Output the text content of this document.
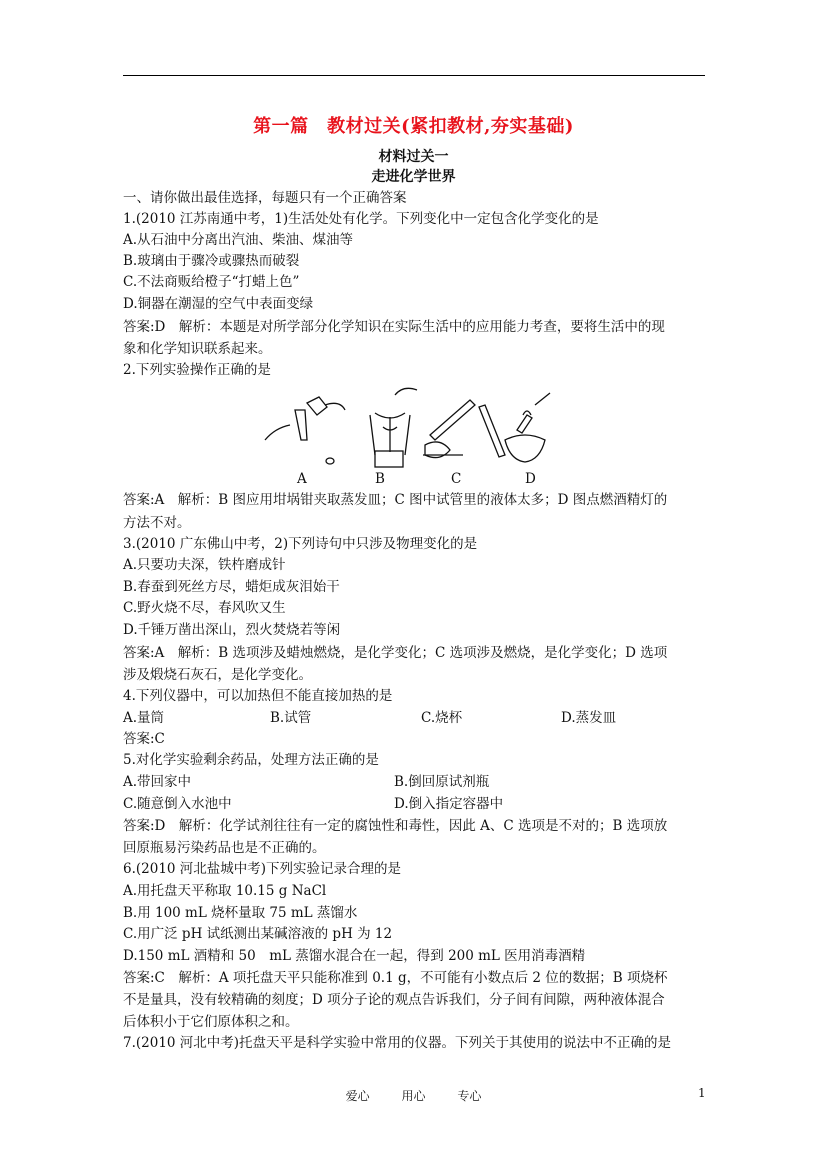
第一篇　教材过关(紧扣教材,夯实基础)
材料过关一
走进化学世界
一、请你做出最佳选择，每题只有一个正确答案
1.(2010 江苏南通中考，1)生活处处有化学。下列变化中一定包含化学变化的是
A.从石油中分离出汽油、柴油、煤油等
B.玻璃由于骤冷或骤热而破裂
C.不法商贩给橙子“打蜡上色”
D.铜器在潮湿的空气中表面变绿
答案:D　解析：本题是对所学部分化学知识在实际生活中的应用能力考查，要将生活中的现
象和化学知识联系起来。
2.下列实验操作正确的是
A	B	C	D
答案:A　解析：B 图应用坩埚钳夹取蒸发皿；C 图中试管里的液体太多；D 图点燃酒精灯的
方法不对。
3.(2010 广东佛山中考，2)下列诗句中只涉及物理变化的是
A.只要功夫深，铁杵磨成针
B.春蚕到死丝方尽，蜡炬成灰泪始干
C.野火烧不尽，春风吹又生
D.千锤万凿出深山，烈火焚烧若等闲
答案:A　解析：B 选项涉及蜡烛燃烧，是化学变化；C 选项涉及燃烧，是化学变化；D 选项
涉及煅烧石灰石，是化学变化。
4.下列仪器中，可以加热但不能直接加热的是
A.量筒	B.试管	C.烧杯	D.蒸发皿
答案:C
5.对化学实验剩余药品，处理方法正确的是
A.带回家中	B.倒回原试剂瓶
C.随意倒入水池中	D.倒入指定容器中
答案:D　解析：化学试剂往往有一定的腐蚀性和毒性，因此 A、C 选项是不对的；B 选项放
回原瓶易污染药品也是不正确的。
6.(2010 河北盐城中考)下列实验记录合理的是
A.用托盘天平称取 10.15 g NaCl
B.用 100 mL 烧杯量取 75 mL 蒸馏水
C.用广泛 pH 试纸测出某碱溶液的 pH 为 12
D.150 mL 酒精和 50　mL 蒸馏水混合在一起，得到 200 mL 医用消毒酒精
答案:C　解析：A 项托盘天平只能称准到 0.1 g，不可能有小数点后 2 位的数据；B 项烧杯
不是量具，没有较精确的刻度；D 项分子论的观点告诉我们，分子间有间隙，两种液体混合
后体积小于它们原体积之和。
7.(2010 河北中考)托盘天平是科学实验中常用的仪器。下列关于其使用的说法中不正确的是
爱心	用心	专心	1
